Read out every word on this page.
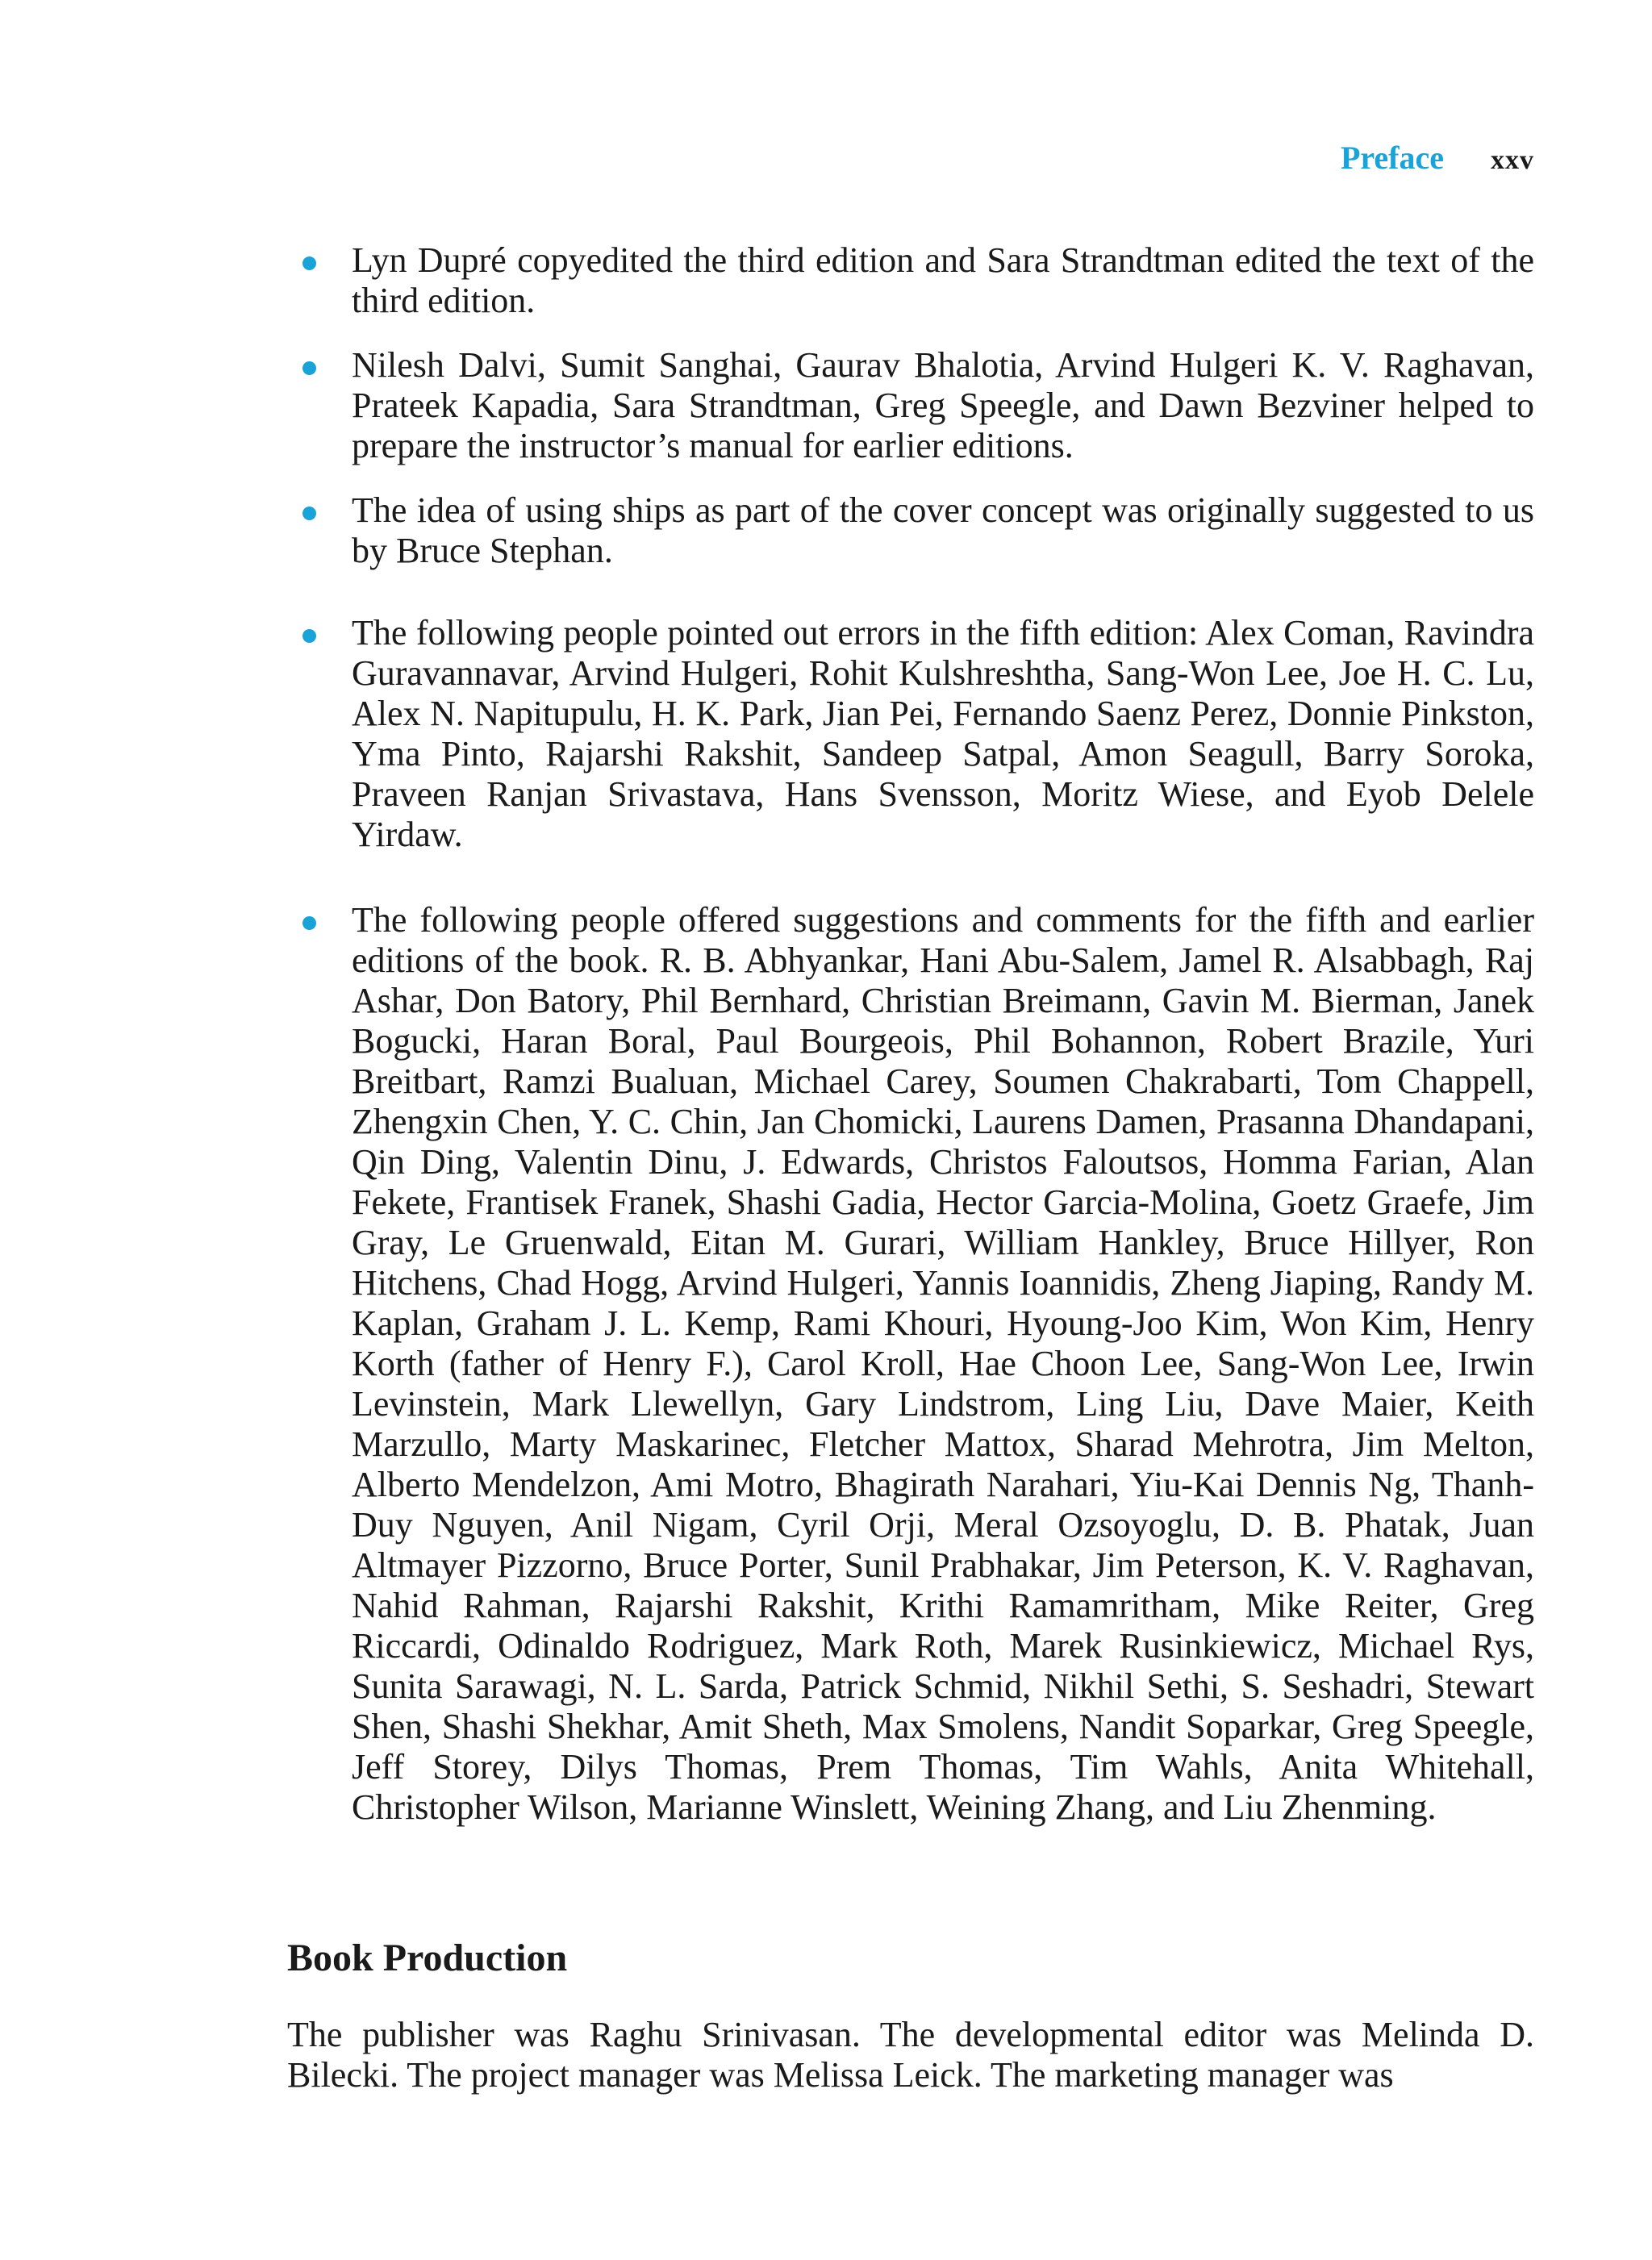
Preface xxv
Lyn Dupré copyedited the third edition and Sara Strandtman edited the text of the third edition.
Nilesh Dalvi, Sumit Sanghai, Gaurav Bhalotia, Arvind Hulgeri K. V. Raghavan, Prateek Kapadia, Sara Strandtman, Greg Speegle, and Dawn Bezviner helped to prepare the instructor’s manual for earlier editions.
The idea of using ships as part of the cover concept was originally suggested to us by Bruce Stephan.
The following people pointed out errors in the fifth edition: Alex Coman, Ravindra Guravannavar, Arvind Hulgeri, Rohit Kulshreshtha, Sang-Won Lee, Joe H. C. Lu, Alex N. Napitupulu, H. K. Park, Jian Pei, Fernando Saenz Perez, Donnie Pinkston, Yma Pinto, Rajarshi Rakshit, Sandeep Satpal, Amon Seagull, Barry Soroka, Praveen Ranjan Srivastava, Hans Svensson, Moritz Wiese, and Eyob Delele Yirdaw.
The following people offered suggestions and comments for the fifth and earlier editions of the book. R. B. Abhyankar, Hani Abu-Salem, Jamel R. Alsabbagh, Raj Ashar, Don Batory, Phil Bernhard, Christian Breimann, Gavin M. Bierman, Janek Bogucki, Haran Boral, Paul Bourgeois, Phil Bohannon, Robert Brazile, Yuri Breitbart, Ramzi Bualuan, Michael Carey, Soumen Chakrabarti, Tom Chappell, Zhengxin Chen, Y. C. Chin, Jan Chomicki, Laurens Damen, Prasanna Dhandapani, Qin Ding, Valentin Dinu, J. Edwards, Christos Faloutsos, Homma Farian, Alan Fekete, Frantisek Franek, Shashi Gadia, Hector Garcia-Molina, Goetz Graefe, Jim Gray, Le Gruenwald, Eitan M. Gurari, William Hankley, Bruce Hillyer, Ron Hitchens, Chad Hogg, Arvind Hulgeri, Yannis Ioannidis, Zheng Jiaping, Randy M. Kaplan, Graham J. L. Kemp, Rami Khouri, Hyoung-Joo Kim, Won Kim, Henry Korth (father of Henry F.), Carol Kroll, Hae Choon Lee, Sang-Won Lee, Irwin Levinstein, Mark Llewellyn, Gary Lindstrom, Ling Liu, Dave Maier, Keith Marzullo, Marty Maskarinec, Fletcher Mattox, Sharad Mehrotra, Jim Melton, Alberto Mendelzon, Ami Motro, Bhagirath Narahari, Yiu-Kai Dennis Ng, Thanh-Duy Nguyen, Anil Nigam, Cyril Orji, Meral Ozsoyoglu, D. B. Phatak, Juan Altmayer Pizzorno, Bruce Porter, Sunil Prabhakar, Jim Peterson, K. V. Raghavan, Nahid Rahman, Rajarshi Rakshit, Krithi Ramamritham, Mike Reiter, Greg Riccardi, Odinaldo Rodriguez, Mark Roth, Marek Rusinkiewicz, Michael Rys, Sunita Sarawagi, N. L. Sarda, Patrick Schmid, Nikhil Sethi, S. Seshadri, Stewart Shen, Shashi Shekhar, Amit Sheth, Max Smolens, Nandit Soparkar, Greg Speegle, Jeff Storey, Dilys Thomas, Prem Thomas, Tim Wahls, Anita Whitehall, Christopher Wilson, Marianne Winslett, Weining Zhang, and Liu Zhenming.
Book Production

The publisher was Raghu Srinivasan. The developmental editor was Melinda D. Bilecki. The project manager was Melissa Leick. The marketing manager was
